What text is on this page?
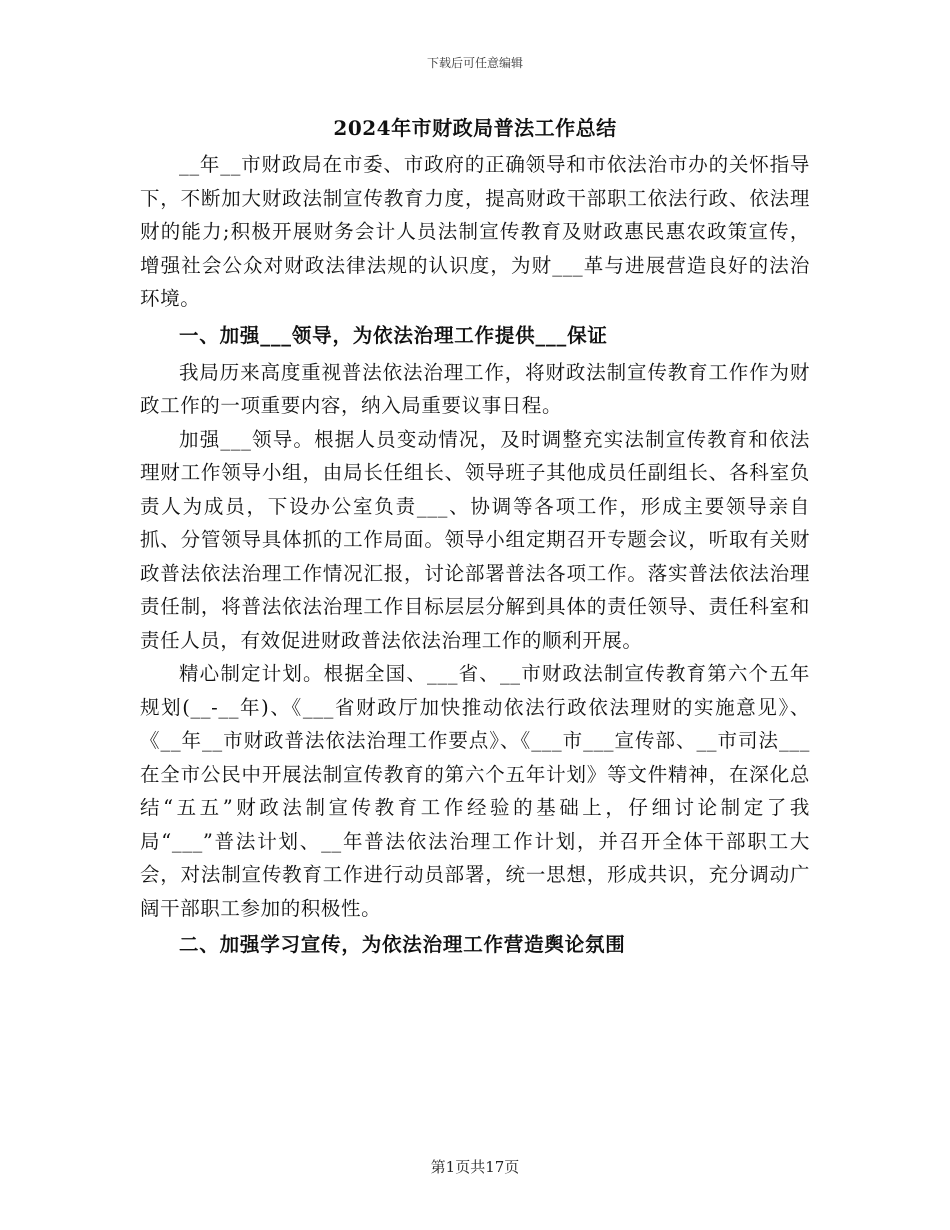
下载后可任意编辑
2024年市财政局普法工作总结

__年__市财政局在市委、市政府的正确领导和市依法治市办的关怀指导下，不断加大财政法制宣传教育力度，提高财政干部职工依法行政、依法理财的能力;积极开展财务会计人员法制宣传教育及财政惠民惠农政策宣传，增强社会公众对财政法律法规的认识度，为财___革与进展营造良好的法治环境。

一、加强___领导，为依法治理工作提供___保证

我局历来高度重视普法依法治理工作，将财政法制宣传教育工作作为财政工作的一项重要内容，纳入局重要议事日程。

加强___领导。根据人员变动情况，及时调整充实法制宣传教育和依法理财工作领导小组，由局长任组长、领导班子其他成员任副组长、各科室负责人为成员，下设办公室负责___、协调等各项工作，形成主要领导亲自抓、分管领导具体抓的工作局面。领导小组定期召开专题会议，听取有关财政普法依法治理工作情况汇报，讨论部署普法各项工作。落实普法依法治理责任制，将普法依法治理工作目标层层分解到具体的责任领导、责任科室和责任人员，有效促进财政普法依法治理工作的顺利开展。

精心制定计划。根据全国、___省、__市财政法制宣传教育第六个五年规划(__-__年)、《___省财政厅加快推动依法行政依法理财的实施意见》、《__年__市财政普法依法治理工作要点》、《___市___宣传部、__市司法___在全市公民中开展法制宣传教育的第六个五年计划》等文件精神，在深化总结“五五”财政法制宣传教育工作经验的基础上，仔细讨论制定了我局“___”普法计划、__年普法依法治理工作计划，并召开全体干部职工大会，对法制宣传教育工作进行动员部署，统一思想，形成共识，充分调动广阔干部职工参加的积极性。

二、加强学习宣传，为依法治理工作营造舆论氛围

第1页共17页
